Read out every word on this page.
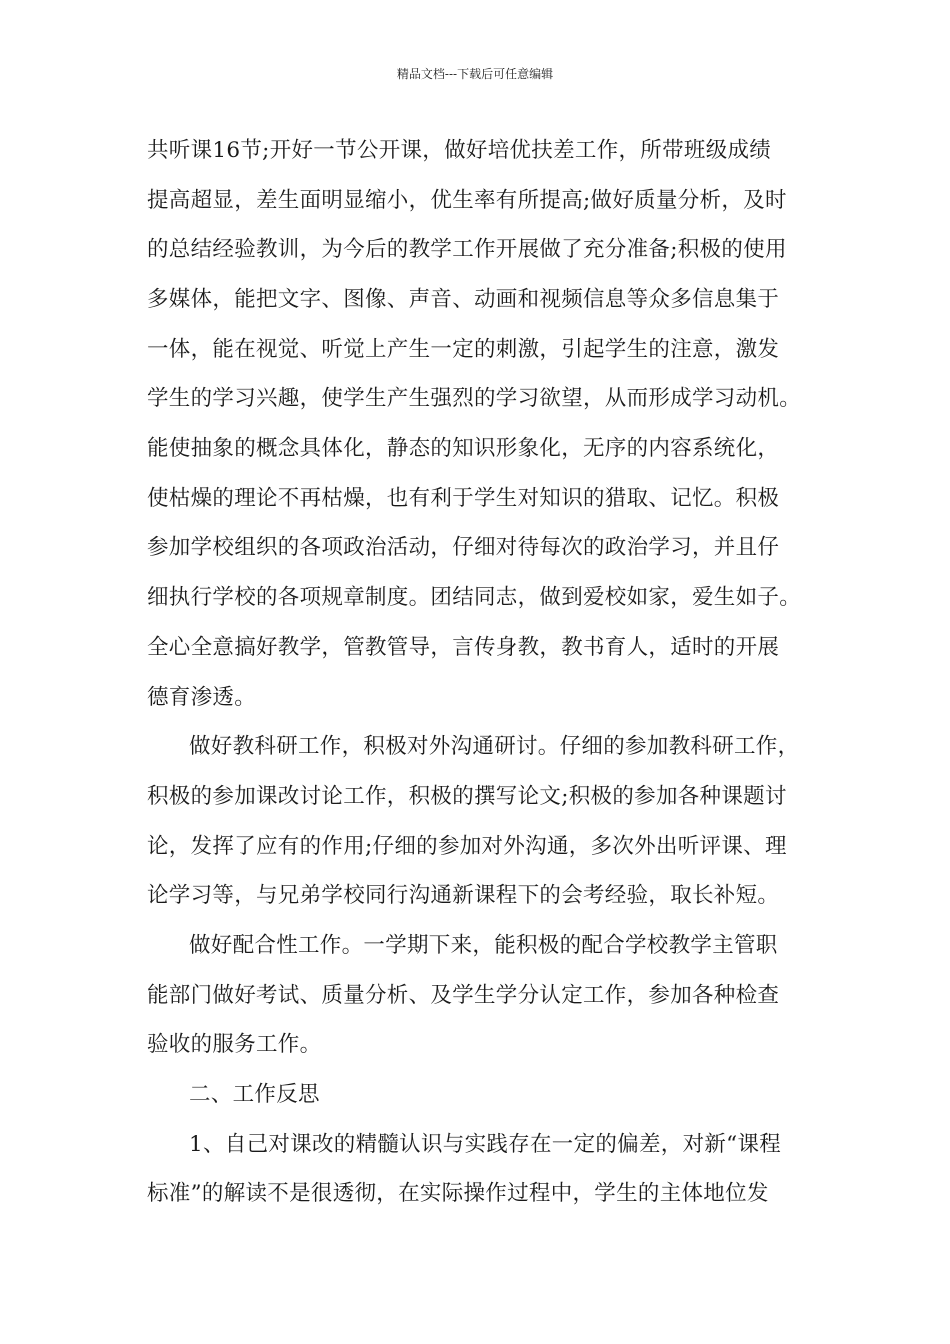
精品文档---下载后可任意编辑
共听课16节;开好一节公开课，做好培优扶差工作，所带班级成绩
提高超显，差生面明显缩小，优生率有所提高;做好质量分析，及时
的总结经验教训，为今后的教学工作开展做了充分准备;积极的使用
多媒体，能把文字、图像、声音、动画和视频信息等众多信息集于
一体，能在视觉、听觉上产生一定的刺激，引起学生的注意，激发
学生的学习兴趣，使学生产生强烈的学习欲望，从而形成学习动机。
能使抽象的概念具体化，静态的知识形象化，无序的内容系统化，
使枯燥的理论不再枯燥，也有利于学生对知识的猎取、记忆。积极
参加学校组织的各项政治活动，仔细对待每次的政治学习，并且仔
细执行学校的各项规章制度。团结同志，做到爱校如家，爱生如子。
全心全意搞好教学，管教管导，言传身教，教书育人，适时的开展
德育渗透。
做好教科研工作，积极对外沟通研讨。仔细的参加教科研工作，
积极的参加课改讨论工作，积极的撰写论文;积极的参加各种课题讨
论，发挥了应有的作用;仔细的参加对外沟通，多次外出听评课、理
论学习等，与兄弟学校同行沟通新课程下的会考经验，取长补短。
做好配合性工作。一学期下来，能积极的配合学校教学主管职
能部门做好考试、质量分析、及学生学分认定工作，参加各种检查
验收的服务工作。
二、工作反思
1、自己对课改的精髓认识与实践存在一定的偏差，对新“课程
标准”的解读不是很透彻，在实际操作过程中，学生的主体地位发
